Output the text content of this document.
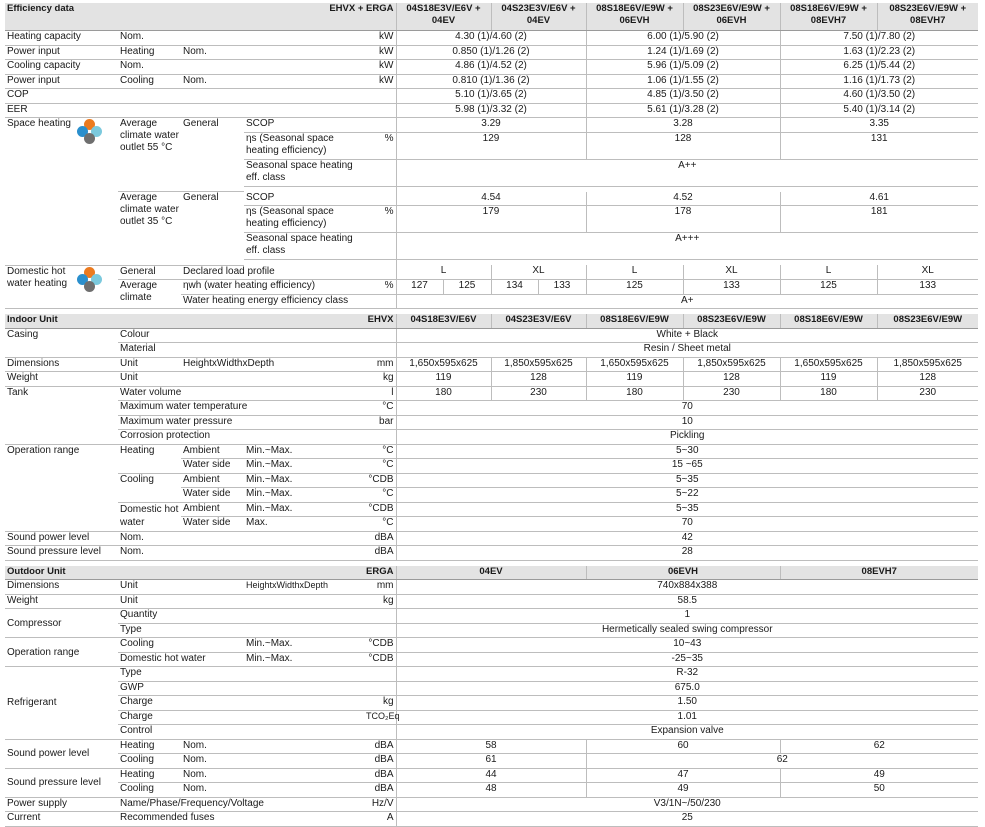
Efficiency data			EHVX + ERGA		04S18E3V/E6V + 04EV		04S23E3V/E6V + 04EV		08S18E6V/E9W + 06EVH	08S23E6V/E9W + 06EVH	08S18E6V/E9W + 08EVH7	08S23E6V/E9W + 08EVH7
Heating capacity	Nom.			kW	4.30 (1)/4.60 (2)				6.00 (1)/5.90 (2)		7.50 (1)/7.80 (2)	
Power input	Heating	Nom.		kW	0.850 (1)/1.26 (2)				1.24 (1)/1.69 (2)		1.63 (1)/2.23 (2)	
Cooling capacity	Nom.			kW	4.86 (1)/4.52 (2)				5.96 (1)/5.09 (2)		6.25 (1)/5.44 (2)	
Power input	Cooling	Nom.		kW	0.810 (1)/1.36 (2)				1.06 (1)/1.55 (2)		1.16 (1)/1.73 (2)	
COP					5.10 (1)/3.65 (2)				4.85 (1)/3.50 (2)		4.60 (1)/3.50 (2)	
EER					5.98 (1)/3.32 (2)				5.61 (1)/3.28 (2)		5.40 (1)/3.14 (2)	
Space heating	Average climate water outlet 55 °C	General	SCOP		3.29				3.28		3.35	
			ηs (Seasonal space heating efficiency)	%	129				128		131	
			Seasonal space heating eff. class		A++							

	Average climate water outlet 35 °C	General	SCOP		4.54				4.52		4.61	
			ηs (Seasonal space heating efficiency)	%	179				178		181	
			Seasonal space heating eff. class		A+++							

Domestic hot water heating	General	Declared load profile			L		XL		L	XL	L	XL
	Average climate	ηwh (water heating efficiency)		%	127	125	134	133	125	133	125	133
		Water heating energy efficiency class			A+							

Indoor Unit			EHVX		04S18E3V/E6V		04S23E3V/E6V		08S18E6V/E9W	08S23E6V/E9W	08S18E6V/E9W	08S23E6V/E9W
Casing	Colour				White + Black							
	Material				Resin / Sheet metal							
Dimensions	Unit	HeightxWidthxDepth		mm	1,650x595x625		1,850x595x625		1,650x595x625	1,850x595x625	1,650x595x625	1,850x595x625
Weight	Unit			kg	119		128		119	128	119	128
Tank	Water volume			l	180		230		180	230	180	230
	Maximum water temperature			°C	70							
	Maximum water pressure			bar	10							
	Corrosion protection				Pickling							
Operation range	Heating	Ambient	Min.~Max.	°C	5~30							
		Water side	Min.~Max.	°C	15 ~65							
	Cooling	Ambient	Min.~Max.	°CDB	5~35							
		Water side	Min.~Max.	°C	5~22							
	Domestic hot water	Ambient	Min.~Max.	°CDB	5~35							
		Water side	Max.	°C	70							
Sound power level	Nom.			dBA	42							
Sound pressure level	Nom.			dBA	28							

Outdoor Unit			ERGA		04EV				06EVH		08EVH7	
Dimensions	Unit		HeightxWidthxDepth	mm	740x884x388							
Weight	Unit			kg	58.5							
Compressor	Quantity				1							
	Type				Hermetically sealed swing compressor							
Operation range	Cooling		Min.~Max.	°CDB	10~43							
	Domestic hot water		Min.~Max.	°CDB	-25~35							
Refrigerant	Type				R-32							
	GWP				675.0							
	Charge			kg	1.50							
	Charge			TCO₂Eq	1.01							
	Control				Expansion valve							
Sound power level	Heating	Nom.		dBA	58				60		62	
	Cooling	Nom.		dBA	61				62			
Sound pressure level	Heating	Nom.		dBA	44				47		49	
	Cooling	Nom.		dBA	48				49		50	
Power supply	Name/Phase/Frequency/Voltage			Hz/V	V3/1N~/50/230							
Current	Recommended fuses			A	25							
